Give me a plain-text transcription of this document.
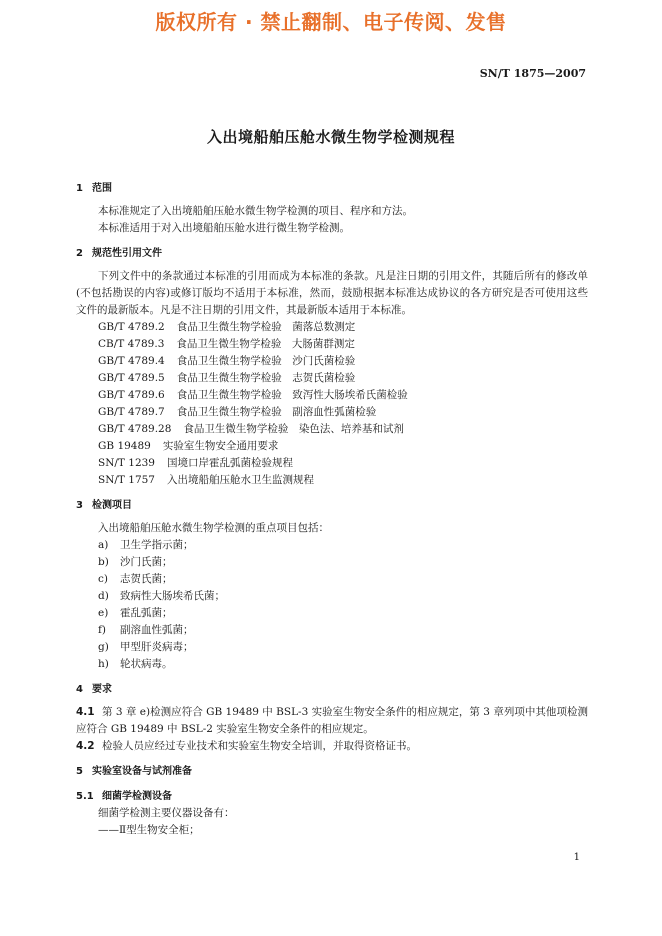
版权所有 · 禁止翻制、电子传阅、发售
SN/T 1875—2007
入出境船舶压舱水微生物学检测规程
1 范围

本标准规定了入出境船舶压舱水微生物学检测的项目、程序和方法。

本标准适用于对入出境船舶压舱水进行微生物学检测。

2 规范性引用文件

下列文件中的条款通过本标准的引用而成为本标准的条款。凡是注日期的引用文件，其随后所有的修改单(不包括勘误的内容)或修订版均不适用于本标准，然而，鼓励根据本标准达成协议的各方研究是否可使用这些文件的最新版本。凡是不注日期的引用文件，其最新版本适用于本标准。

GB/T 4789.2 食品卫生微生物学检验　菌落总数测定

CB/T 4789.3 食品卫生微生物学检验　大肠菌群测定

GB/T 4789.4 食品卫生微生物学检验　沙门氏菌检验

GB/T 4789.5 食品卫生微生物学检验　志贺氏菌检验

GB/T 4789.6 食品卫生微生物学检验　致泻性大肠埃希氏菌检验

GB/T 4789.7 食品卫生微生物学检验　副溶血性弧菌检验

GB/T 4789.28 食品卫生微生物学检验　染色法、培养基和试剂

GB 19489 实验室生物安全通用要求

SN/T 1239 国境口岸霍乱弧菌检验规程

SN/T 1757 入出境船舶压舱水卫生监测规程

3 检测项目

入出境船舶压舱水微生物学检测的重点项目包括：

a) 卫生学指示菌；

b) 沙门氏菌；

c) 志贺氏菌；

d) 致病性大肠埃希氏菌；

e) 霍乱弧菌；

f) 副溶血性弧菌；

g) 甲型肝炎病毒；

h) 轮状病毒。

4 要求

4.1 第 3 章 e)检测应符合 GB 19489 中 BSL-3 实验室生物安全条件的相应规定，第 3 章列项中其他项检测应符合 GB 19489 中 BSL-2 实验室生物安全条件的相应规定。

4.2 检验人员应经过专业技术和实验室生物安全培训，并取得资格证书。

5 实验室设备与试剂准备
5.1 细菌学检测设备

细菌学检测主要仪器设备有：

——Ⅱ型生物安全柜；

1
